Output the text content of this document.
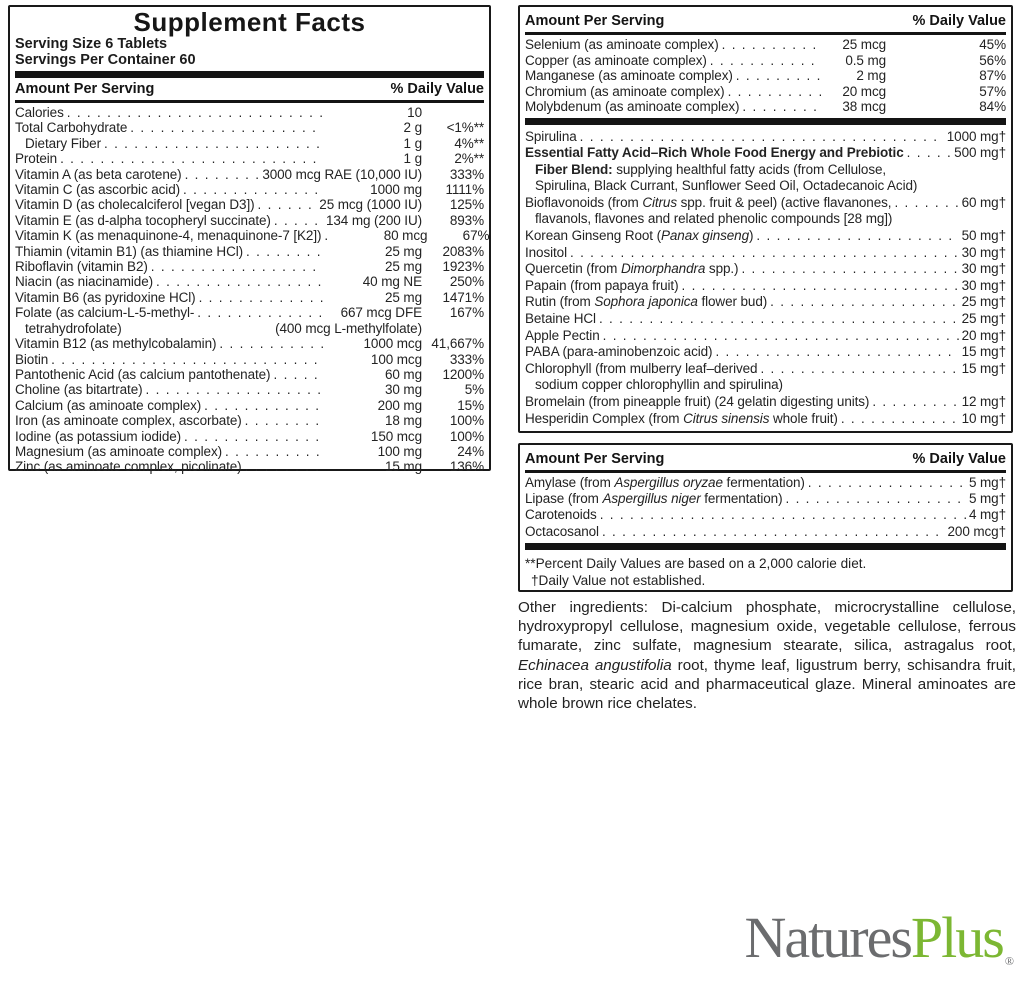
Supplement Facts
Serving Size 6 Tablets
Servings Per Container 60
Amount Per Serving	% Daily Value
Calories . . .	10
Total Carbohydrate . . .	2 g	<1%**
Dietary Fiber . . .	1 g	4%**
Protein . . .	1 g	2%**
Vitamin A (as beta carotene) . . .	3000 mcg RAE (10,000 IU)	333%
Vitamin C (as ascorbic acid) . . .	1000 mg	1111%
Vitamin D (as cholecalciferol [vegan D3]) . . .	25 mcg (1000 IU)	125%
Vitamin E (as d-alpha tocopheryl succinate) . . .	134 mg (200 IU)	893%
Vitamin K (as menaquinone-4, menaquinone-7 [K2]) . . .	80 mcg	67%
Thiamin (vitamin B1) (as thiamine HCl) . . .	25 mg	2083%
Riboflavin (vitamin B2) . . .	25 mg	1923%
Niacin (as niacinamide) . . .	40 mg NE	250%
Vitamin B6 (as pyridoxine HCl) . . .	25 mg	1471%
Folate (as calcium-L-5-methyl- . . .	667 mcg DFE	167%
tetrahydrofolate)	(400 mcg L-methylfolate)
Vitamin B12 (as methylcobalamin) . . .	1000 mcg 41,667%
Biotin . . .	100 mcg	333%
Pantothenic Acid (as calcium pantothenate) . . .	60 mg	1200%
Choline (as bitartrate) . . .	30 mg	5%
Calcium (as aminoate complex) . . .	200 mg	15%
Iron (as aminoate complex, ascorbate) . . .	18 mg	100%
Iodine (as potassium iodide) . . .	150 mcg	100%
Magnesium (as aminoate complex) . . .	100 mg	24%
Zinc (as aminoate complex, picolinate) . . .	15 mg	136%
Amount Per Serving	% Daily Value
Selenium (as aminoate complex) . . .	25 mcg	45%
Copper (as aminoate complex) . . .	0.5 mg	56%
Manganese (as aminoate complex) . . .	2 mg	87%
Chromium (as aminoate complex) . . .	20 mcg	57%
Molybdenum (as aminoate complex) . . .	38 mcg	84%
Spirulina . . .	1000 mg†
Essential Fatty Acid–Rich Whole Food Energy and Prebiotic . . .	500 mg†
Fiber Blend: supplying healthful fatty acids (from Cellulose,
Spirulina, Black Currant, Sunflower Seed Oil, Octadecanoic Acid)
Bioflavonoids (from Citrus spp. fruit & peel) (active flavanones, . . .	60 mg†
flavanols, flavones and related phenolic compounds [28 mg])
Korean Ginseng Root (Panax ginseng) . . .	50 mg†
Inositol . . .	30 mg†
Quercetin (from Dimorphandra spp.) . . .	30 mg†
Papain (from papaya fruit) . . .	30 mg†
Rutin (from Sophora japonica flower bud) . . .	25 mg†
Betaine HCl . . .	25 mg†
Apple Pectin . . .	20 mg†
PABA (para-aminobenzoic acid) . . .	15 mg†
Chlorophyll (from mulberry leaf–derived . . .	15 mg†
sodium copper chlorophyllin and spirulina)
Bromelain (from pineapple fruit) (24 gelatin digesting units) . . .	12 mg†
Hesperidin Complex (from Citrus sinensis whole fruit) . . .	10 mg†
Amount Per Serving	% Daily Value
Amylase (from Aspergillus oryzae fermentation) . . .	5 mg†
Lipase (from Aspergillus niger fermentation) . . .	5 mg†
Carotenoids . . .	4 mg†
Octacosanol . . .	200 mcg†
**Percent Daily Values are based on a 2,000 calorie diet.
†Daily Value not established.

Other ingredients: Di-calcium phosphate, microcrystalline cellulose, hydroxypropyl cellulose, magnesium oxide, vegetable cellulose, ferrous fumarate, zinc sulfate, magnesium stearate, silica, astragalus root, Echinacea angustifolia root, thyme leaf, ligustrum berry, schisandra fruit, rice bran, stearic acid and pharmaceutical glaze. Mineral aminoates are whole brown rice chelates.

NaturesPlus ®
